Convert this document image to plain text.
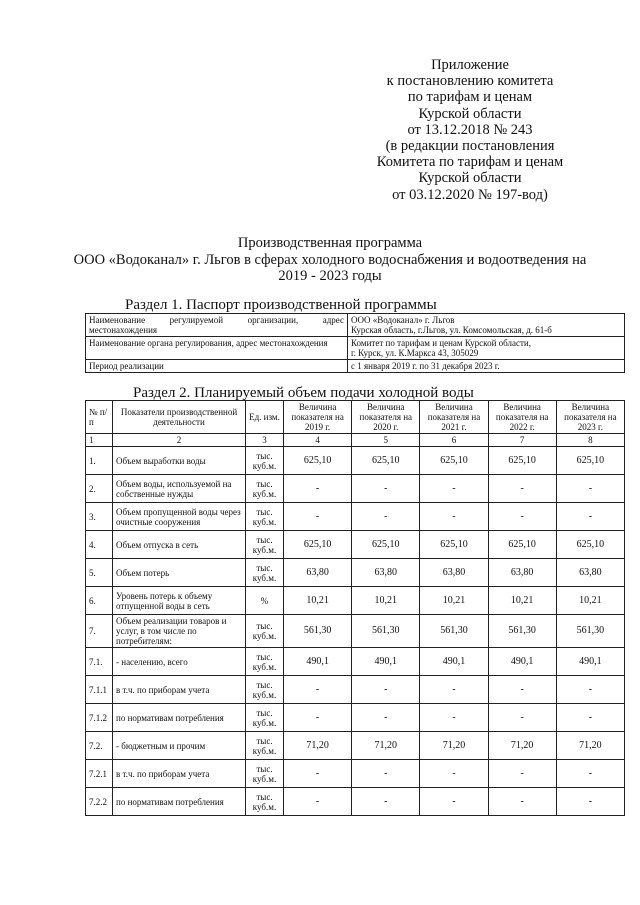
Приложение
к постановлению комитета
по тарифам и ценам
Курской области
от 13.12.2018 № 243
(в редакции постановления
Комитета по тарифам и ценам
Курской области
от 03.12.2020 № 197-вод)
Производственная программа
ООО «Водоканал» г. Льгов в сферах холодного водоснабжения и водоотведения на
2019 - 2023 годы
Раздел 1. Паспорт производственной программы
Наименование регулируемой организации, адрес местонахождения	ООО «Водоканал» г. Льгов
Курская область, г.Льгов, ул. Комсомольская, д. 61-б

Наименование органа регулирования, адрес местонахождения	Комитет по тарифам и ценам Курской области,
г. Курск, ул. К.Маркса 43, 305029

Период реализации	с 1 января 2019 г. по 31 декабря 2023 г.
Раздел 2. Планируемый объем подачи холодной воды
№ п/п	Показатели производственной деятельности	Ед. изм.	Величина показателя на 2019 г.	Величина показателя на 2020 г.	Величина показателя на 2021 г.	Величина показателя на 2022 г.	Величина показателя на 2023 г.
1	2	3	4	5	6	7	8
1.	Объем выработки воды	тыс. куб.м.	625,10	625,10	625,10	625,10	625,10
2.	Объем воды, используемой на собственные нужды	тыс. куб.м.	-	-	-	-	-
3.	Объем пропущенной воды через очистные сооружения	тыс. куб.м.	-	-	-	-	-
4.	Объем отпуска в сеть	тыс. куб.м.	625,10	625,10	625,10	625,10	625,10
5.	Объем потерь	тыс. куб.м.	63,80	63,80	63,80	63,80	63,80
6.	Уровень потерь к объему отпущенной воды в сеть	%	10,21	10,21	10,21	10,21	10,21
7.	Объем реализации товаров и услуг, в том числе по потребителям:	тыс. куб.м.	561,30	561,30	561,30	561,30	561,30
7.1.	- населению, всего	тыс. куб.м.	490,1	490,1	490,1	490,1	490,1
7.1.1	в т.ч. по приборам учета	тыс. куб.м.	-	-	-	-	-
7.1.2	по нормативам потребления	тыс. куб.м.	-	-	-	-	-
7.2.	- бюджетным и прочим	тыс. куб.м.	71,20	71,20	71,20	71,20	71,20
7.2.1	в т.ч. по приборам учета	тыс. куб.м.	-	-	-	-	-
7.2.2	по нормативам потребления	тыс. куб.м.	-	-	-	-	-
